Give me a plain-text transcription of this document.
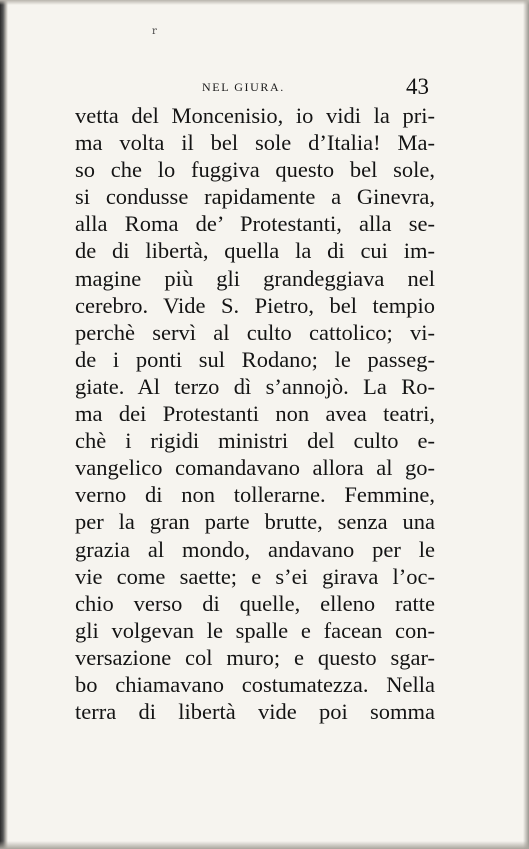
r
NEL GIURA.	43
vetta del Moncenisio, io vidi la pri-
ma volta il bel sole d’Italia! Ma-
so che lo fuggiva questo bel sole,
si condusse rapidamente a Ginevra,
alla Roma de’ Protestanti, alla se-
de di libertà, quella la di cui im-
magine più gli grandeggiava nel
cerebro. Vide S. Pietro, bel tempio
perchè servì al culto cattolico; vi-
de i ponti sul Rodano; le passeg-
giate. Al terzo dì s’annojò. La Ro-
ma dei Protestanti non avea teatri,
chè i rigidi ministri del culto e-
vangelico comandavano allora al go-
verno di non tollerarne. Femmine,
per la gran parte brutte, senza una
grazia al mondo, andavano per le
vie come saette; e s’ei girava l’oc-
chio verso di quelle, elleno ratte
gli volgevan le spalle e facean con-
versazione col muro; e questo sgar-
bo chiamavano costumatezza. Nella
terra di libertà vide poi somma
